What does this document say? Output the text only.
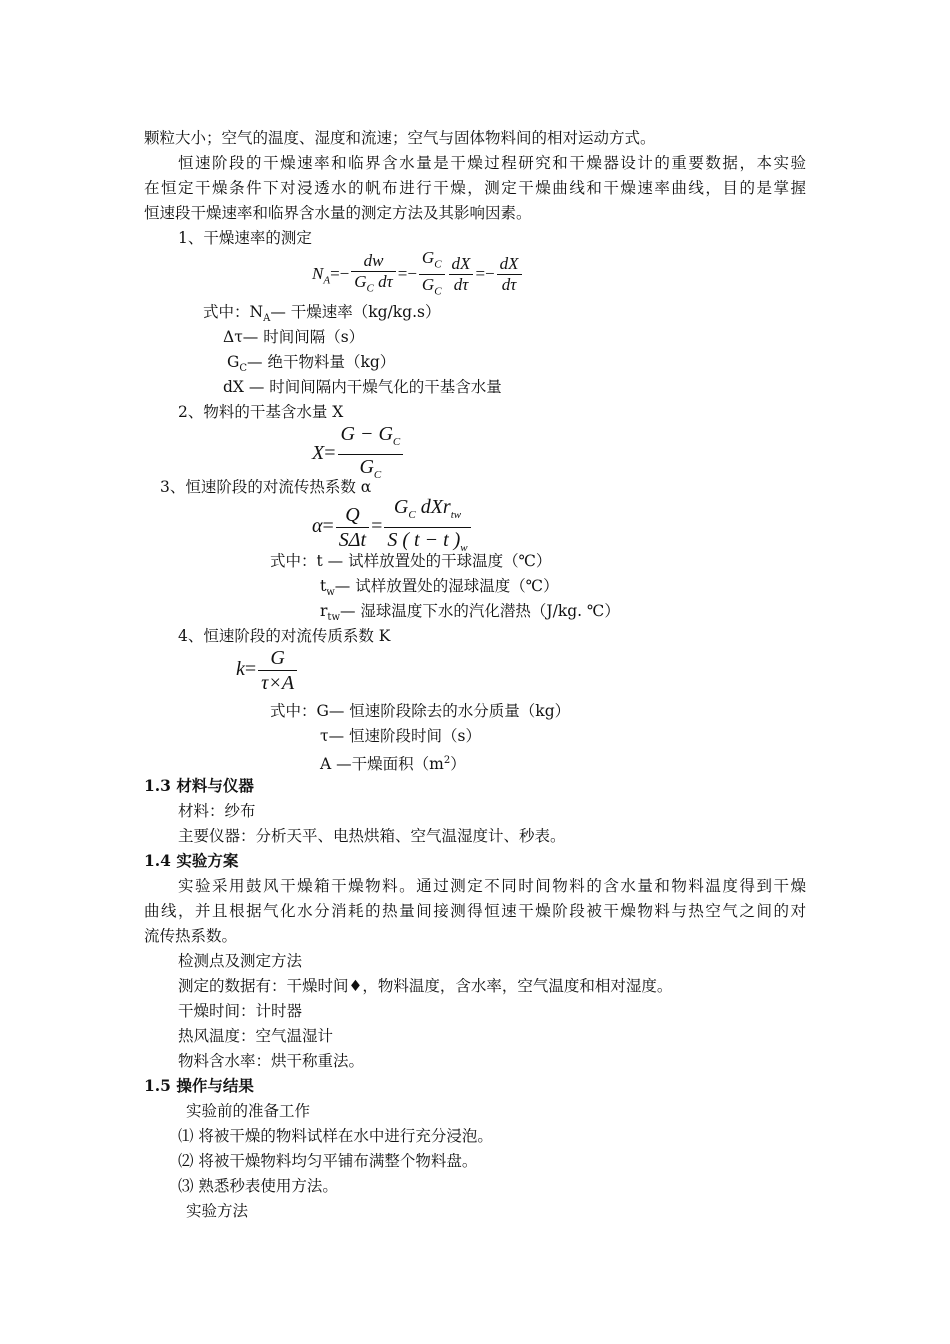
颗粒大小；空气的温度、湿度和流速；空气与固体物料间的相对运动方式。
恒速阶段的干燥速率和临界含水量是干燥过程研究和干燥器设计的重要数据，本实验
在恒定干燥条件下对浸透水的帆布进行干燥，测定干燥曲线和干燥速率曲线，目的是掌握
恒速段干燥速率和临界含水量的测定方法及其影响因素。
1、干燥速率的测定
$N_A=- \frac{dw}{G_C d\tau} =- \frac{G_C}{G_C} \frac{dX}{d\tau} =- \frac{dX}{d\tau}$
式中：$N_A—$ 干燥速率（kg/kg.s）
Δτ— 时间间隔（s）
$G_C—$ 绝干物料量（kg）
dX — 时间间隔内干燥气化的干基含水量
2、物料的干基含水量 X
$X= \frac{G - G_C}{G_C}$
3、恒速阶段的对流传热系数 α
$\alpha= \frac{Q}{\text{SΔt}} = \frac{G_C dXr_{tw}}{S ( t - t )_w}$
式中：t — 试样放置处的干球温度（℃）
$t_w—$ 试样放置处的湿球温度（℃）
$r_{tw}—$ 湿球温度下水的汽化潜热（J/kg. ℃）
4、恒速阶段的对流传质系数 K
$k= \frac{G}{\tau\times A}$
式中：G— 恒速阶段除去的水分质量（kg）
τ— 恒速阶段时间（s）
A —干燥面积$(m^2)$
1.3 材料与仪器
材料：纱布
主要仪器：分析天平、电热烘箱、空气温湿度计、秒表。
1.4 实验方案
实验采用鼓风干燥箱干燥物料。通过测定不同时间物料的含水量和物料温度得到干燥
曲线，并且根据气化水分消耗的热量间接测得恒速干燥阶段被干燥物料与热空气之间的对
流传热系数。
检测点及测定方法
测定的数据有：干燥时间♦，物料温度，含水率，空气温度和相对湿度。
干燥时间：计时器
热风温度：空气温湿计
物料含水率：烘干称重法。
1.5 操作与结果
实验前的准备工作
⑴ 将被干燥的物料试样在水中进行充分浸泡。
⑵ 将被干燥物料均匀平铺布满整个物料盘。
⑶ 熟悉秒表使用方法。
实验方法
